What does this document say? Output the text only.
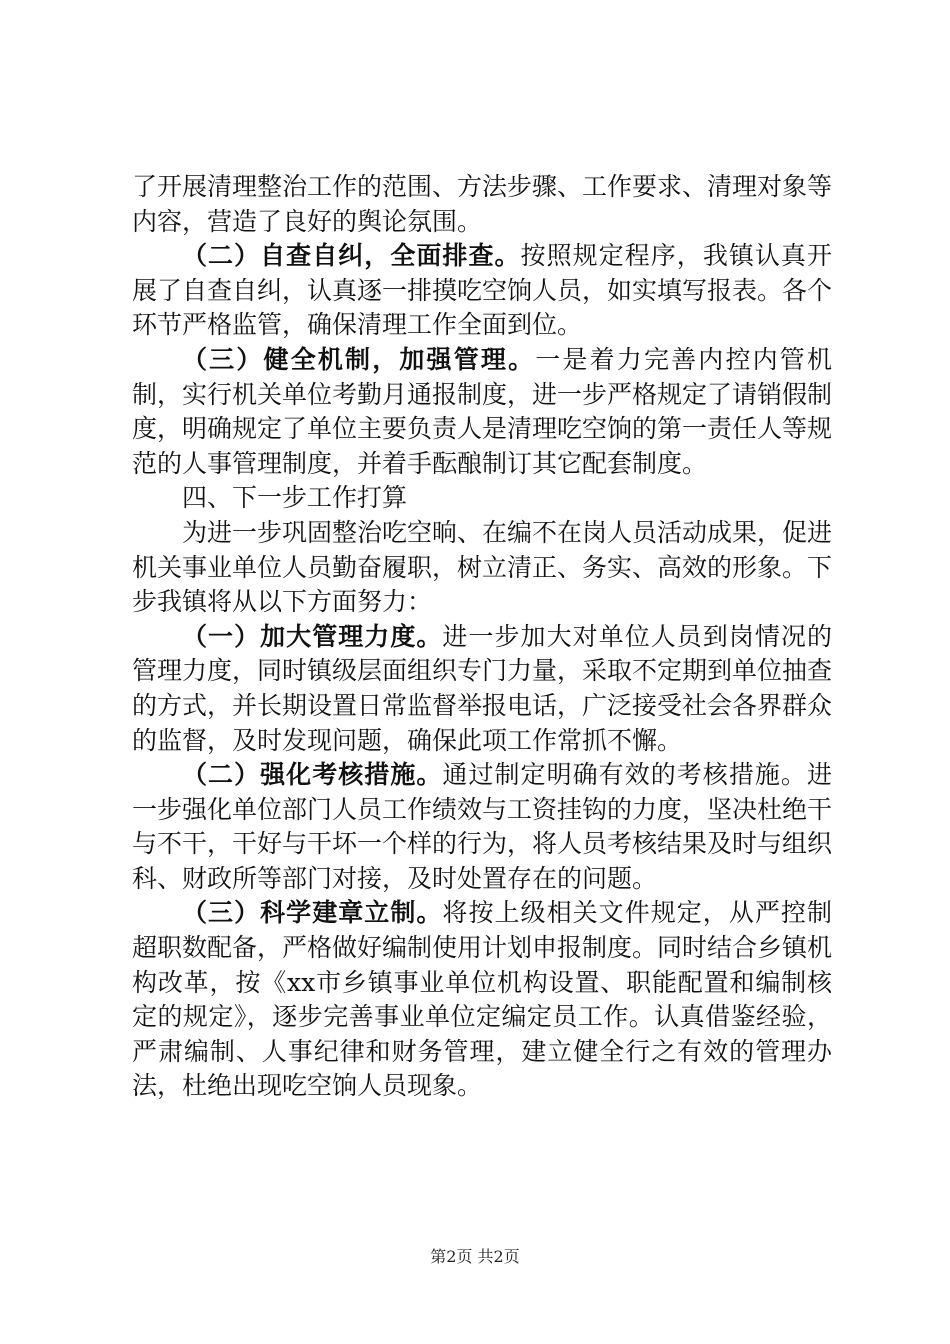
了开展清理整治工作的范围、方法步骤、工作要求、清理对象等内容，营造了良好的舆论氛围。

（二）自查自纠，全面排查。按照规定程序，我镇认真开展了自查自纠，认真逐一排摸吃空饷人员，如实填写报表。各个环节严格监管，确保清理工作全面到位。

（三）健全机制，加强管理。一是着力完善内控内管机制，实行机关单位考勤月通报制度，进一步严格规定了请销假制度，明确规定了单位主要负责人是清理吃空饷的第一责任人等规范的人事管理制度，并着手酝酿制订其它配套制度。

四、下一步工作打算

为进一步巩固整治吃空晌、在编不在岗人员活动成果，促进机关事业单位人员勤奋履职，树立清正、务实、高效的形象。下步我镇将从以下方面努力：

（一）加大管理力度。进一步加大对单位人员到岗情况的管理力度，同时镇级层面组织专门力量，采取不定期到单位抽查的方式，并长期设置日常监督举报电话，广泛接受社会各界群众的监督，及时发现问题，确保此项工作常抓不懈。

（二）强化考核措施。通过制定明确有效的考核措施。进一步强化单位部门人员工作绩效与工资挂钩的力度，坚决杜绝干与不干，干好与干坏一个样的行为，将人员考核结果及时与组织科、财政所等部门对接，及时处置存在的问题。

（三）科学建章立制。将按上级相关文件规定，从严控制超职数配备，严格做好编制使用计划申报制度。同时结合乡镇机构改革，按《xx市乡镇事业单位机构设置、职能配置和编制核定的规定》，逐步完善事业单位定编定员工作。认真借鉴经验，严肃编制、人事纪律和财务管理，建立健全行之有效的管理办法，杜绝出现吃空饷人员现象。

第2页 共2页
